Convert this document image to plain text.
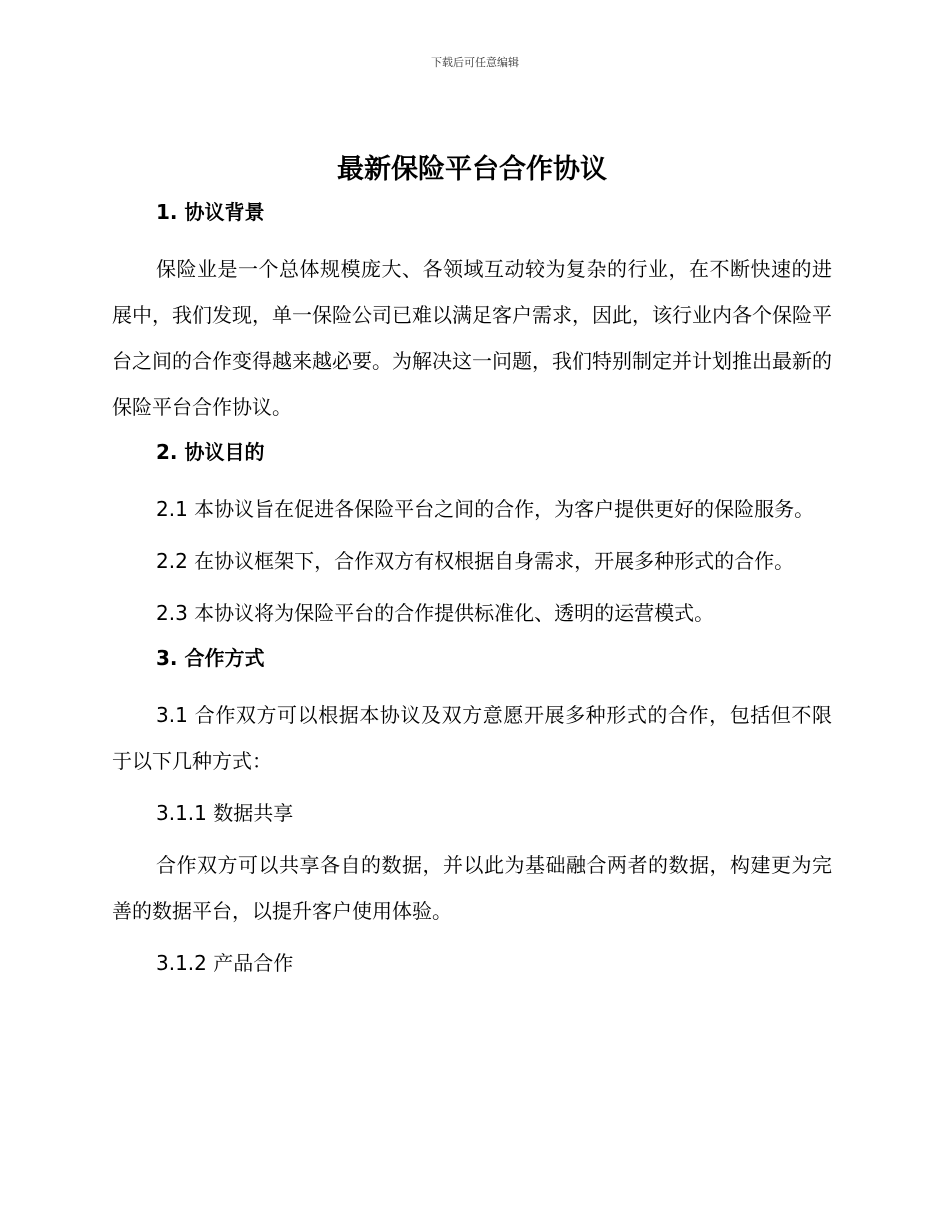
下载后可任意编辑
最新保险平台合作协议
1. 协议背景

保险业是一个总体规模庞大、各领域互动较为复杂的行业，在不断快速的进展中，我们发现，单一保险公司已难以满足客户需求，因此，该行业内各个保险平台之间的合作变得越来越必要。为解决这一问题，我们特别制定并计划推出最新的保险平台合作协议。

2. 协议目的

2.1 本协议旨在促进各保险平台之间的合作，为客户提供更好的保险服务。

2.2 在协议框架下，合作双方有权根据自身需求，开展多种形式的合作。

2.3 本协议将为保险平台的合作提供标准化、透明的运营模式。

3. 合作方式

3.1 合作双方可以根据本协议及双方意愿开展多种形式的合作，包括但不限于以下几种方式：

3.1.1 数据共享

合作双方可以共享各自的数据，并以此为基础融合两者的数据，构建更为完善的数据平台，以提升客户使用体验。

3.1.2 产品合作
